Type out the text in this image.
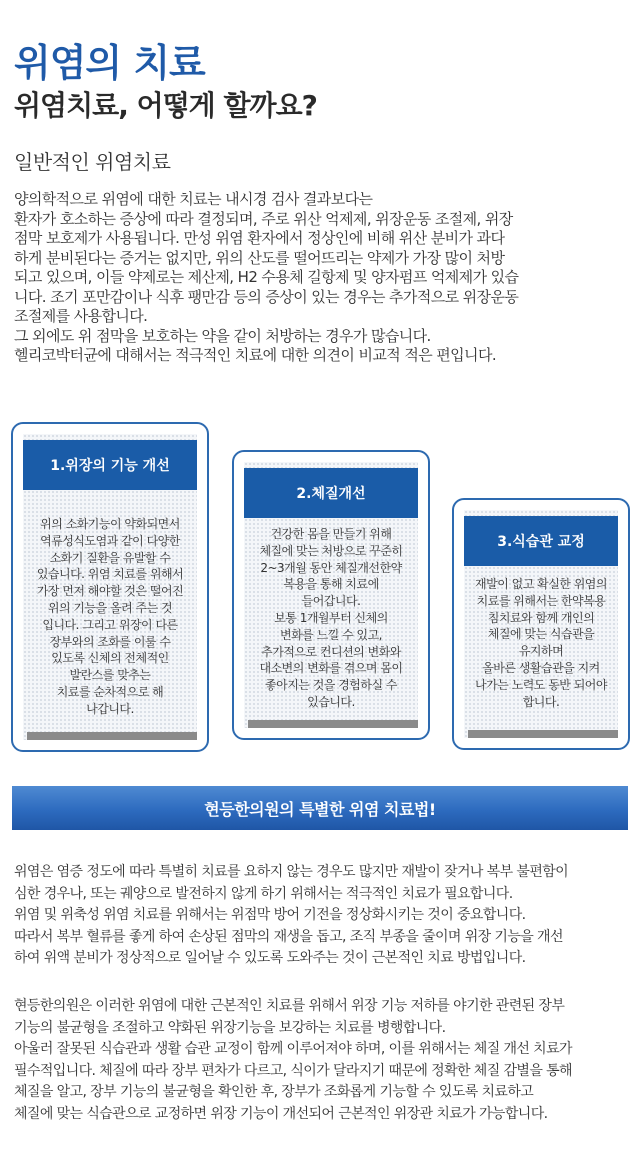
위염의 치료
위염치료, 어떻게 할까요?
일반적인 위염치료

양의학적으로 위염에 대한 치료는 내시경 검사 결과보다는

환자가 호소하는 증상에 따라 결정되며, 주로 위산 억제제, 위장운동 조절제, 위장

점막 보호제가 사용됩니다. 만성 위염 환자에서 정상인에 비해 위산 분비가 과다

하게 분비된다는 증거는 없지만, 위의 산도를 떨어뜨리는 약제가 가장 많이 처방

되고 있으며, 이들 약제로는 제산제, H2 수용체 길항제 및 양자펌프 억제제가 있습

니다. 조기 포만감이나 식후 팽만감 등의 증상이 있는 경우는 추가적으로 위장운동

조절제를 사용합니다.

그 외에도 위 점막을 보호하는 약을 같이 처방하는 경우가 많습니다.

헬리코박터균에 대해서는 적극적인 치료에 대한 의견이 비교적 적은 편입니다.

1.위장의 기능 개선

위의 소화기능이 약화되면서

역류성식도염과 같이 다양한

소화기 질환을 유발할 수

있습니다. 위염 치료를 위해서

가장 먼저 해야할 것은 떨어진

위의 기능을 올려 주는 것

입니다. 그리고 위장이 다른

장부와의 조화를 이룰 수

있도록 신체의 전체적인

발란스를 맞추는

치료를 순차적으로 해

나갑니다.

2.체질개선

건강한 몸을 만들기 위해

체질에 맞는 처방으로 꾸준히

2~3개월 동안 체질개선한약

복용을 통해 치료에

들어갑니다.

보통 1개월부터 신체의

변화를 느낄 수 있고,

추가적으로 컨디션의 변화와

대소변의 변화를 겪으며 몸이

좋아지는 것을 경험하실 수

있습니다.

3.식습관 교정

재발이 없고 확실한 위염의

치료를 위해서는 한약복용

침치료와 함께 개인의

체질에 맞는 식습관을

유지하며

올바른 생활습관을 지켜

나가는 노력도 동반 되어야

합니다.

현등한의원의 특별한 위염 치료법!

위염은 염증 정도에 따라 특별히 치료를 요하지 않는 경우도 많지만 재발이 잦거나 복부 불편함이

심한 경우나, 또는 궤양으로 발전하지 않게 하기 위해서는 적극적인 치료가 필요합니다.

위염 및 위축성 위염 치료를 위해서는 위점막 방어 기전을 정상화시키는 것이 중요합니다.

따라서 복부 혈류를 좋게 하여 손상된 점막의 재생을 돕고, 조직 부종을 줄이며 위장 기능을 개선

하여 위액 분비가 정상적으로 일어날 수 있도록 도와주는 것이 근본적인 치료 방법입니다.

현등한의원은 이러한 위염에 대한 근본적인 치료를 위해서 위장 기능 저하를 야기한 관련된 장부

기능의 불균형을 조절하고 약화된 위장기능을 보강하는 치료를 병행합니다.

아울러 잘못된 식습관과 생활 습관 교정이 함께 이루어져야 하며, 이를 위해서는 체질 개선 치료가

필수적입니다. 체질에 따라 장부 편차가 다르고, 식이가 달라지기 때문에 정확한 체질 감별을 통해

체질을 알고, 장부 기능의 불균형을 확인한 후, 장부가 조화롭게 기능할 수 있도록 치료하고

체질에 맞는 식습관으로 교정하면 위장 기능이 개선되어 근본적인 위장관 치료가 가능합니다.
